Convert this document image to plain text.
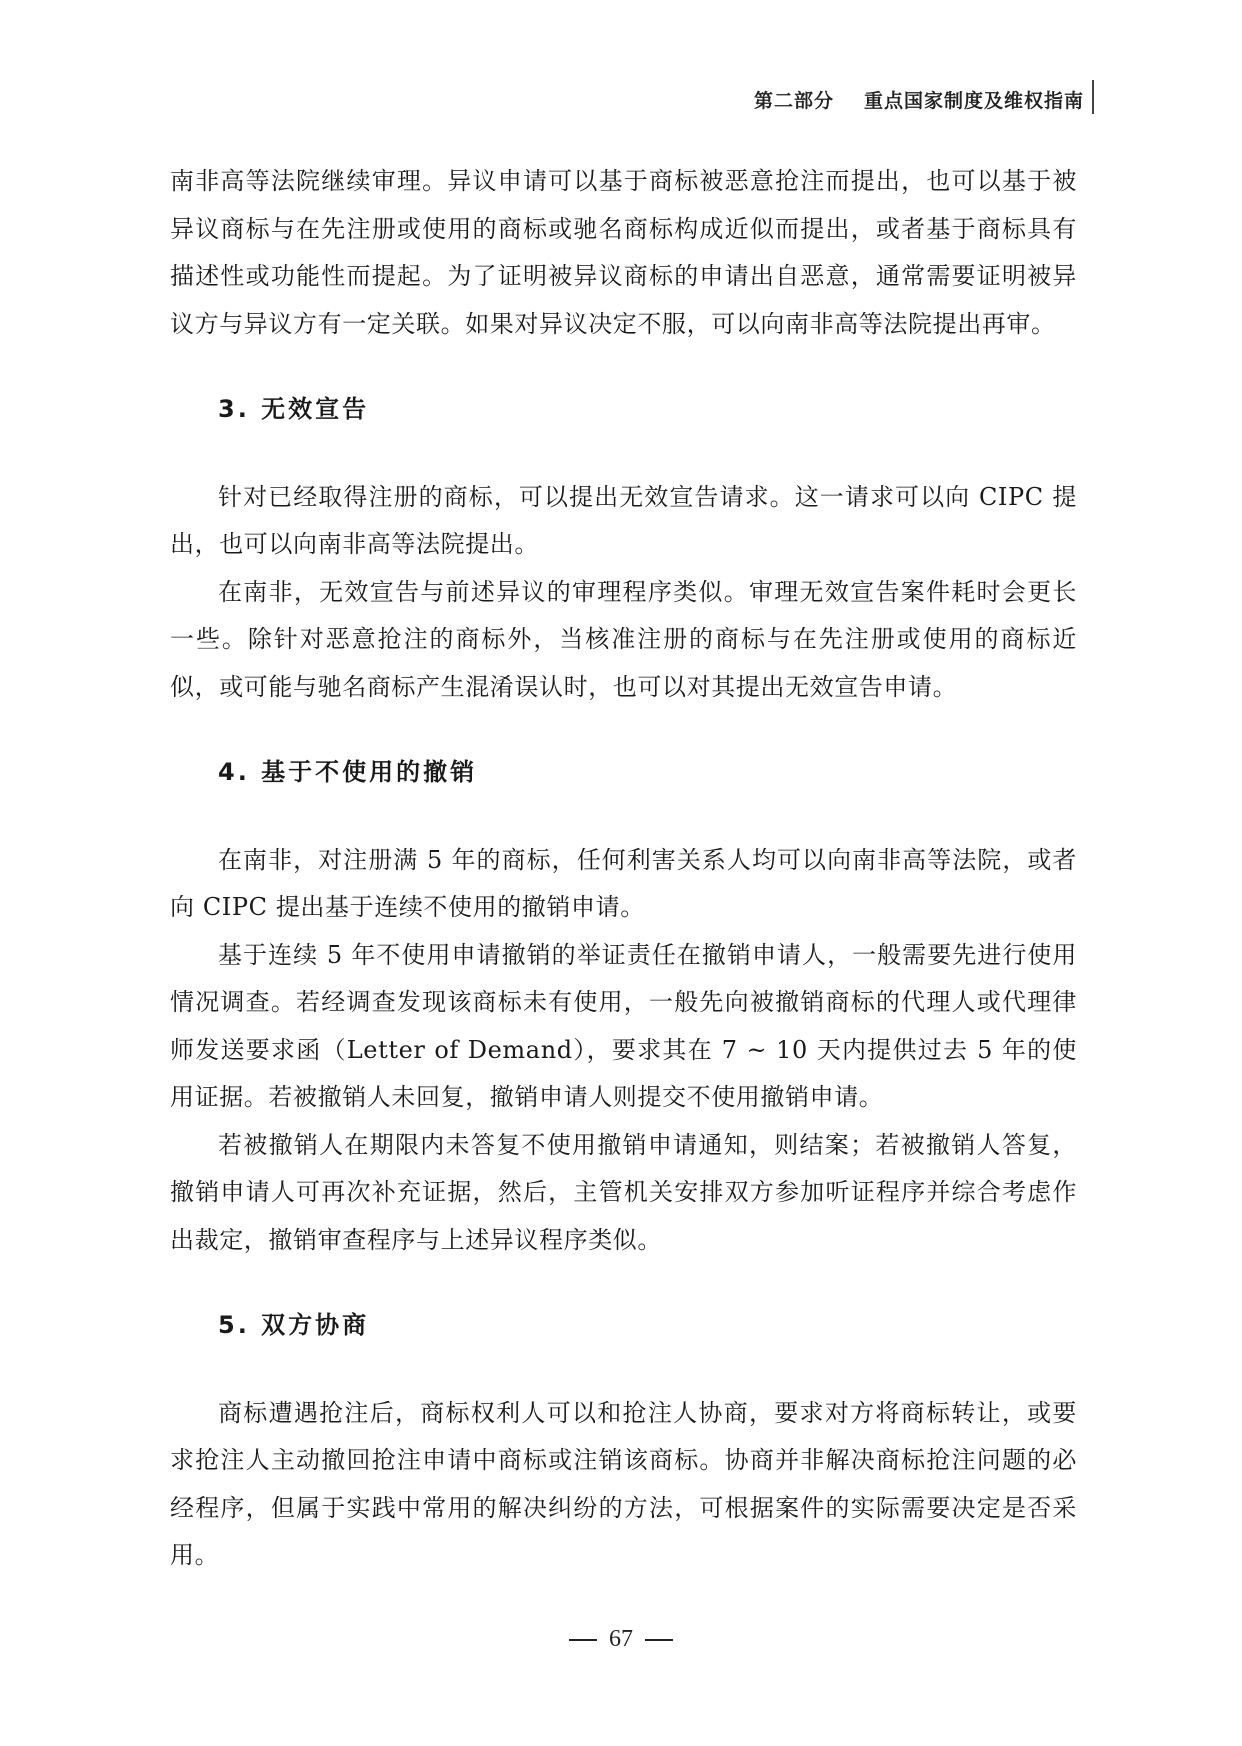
第二部分 重点国家制度及维权指南

南非高等法院继续审理。异议申请可以基于商标被恶意抢注而提出，也可以基于被异议商标与在先注册或使用的商标或驰名商标构成近似而提出，或者基于商标具有描述性或功能性而提起。为了证明被异议商标的申请出自恶意，通常需要证明被异议方与异议方有一定关联。如果对异议决定不服，可以向南非高等法院提出再审。

3. 无效宣告

针对已经取得注册的商标，可以提出无效宣告请求。这一请求可以向 CIPC 提出，也可以向南非高等法院提出。

在南非，无效宣告与前述异议的审理程序类似。审理无效宣告案件耗时会更长一些。除针对恶意抢注的商标外，当核准注册的商标与在先注册或使用的商标近似，或可能与驰名商标产生混淆误认时，也可以对其提出无效宣告申请。

4. 基于不使用的撤销

在南非，对注册满 5 年的商标，任何利害关系人均可以向南非高等法院，或者向 CIPC 提出基于连续不使用的撤销申请。

基于连续 5 年不使用申请撤销的举证责任在撤销申请人，一般需要先进行使用情况调查。若经调查发现该商标未有使用，一般先向被撤销商标的代理人或代理律师发送要求函（Letter of Demand），要求其在 7 ~ 10 天内提供过去 5 年的使用证据。若被撤销人未回复，撤销申请人则提交不使用撤销申请。

若被撤销人在期限内未答复不使用撤销申请通知，则结案；若被撤销人答复，撤销申请人可再次补充证据，然后，主管机关安排双方参加听证程序并综合考虑作出裁定，撤销审查程序与上述异议程序类似。

5. 双方协商

商标遭遇抢注后，商标权利人可以和抢注人协商，要求对方将商标转让，或要求抢注人主动撤回抢注申请中商标或注销该商标。协商并非解决商标抢注问题的必经程序，但属于实践中常用的解决纠纷的方法，可根据案件的实际需要决定是否采用。

67
